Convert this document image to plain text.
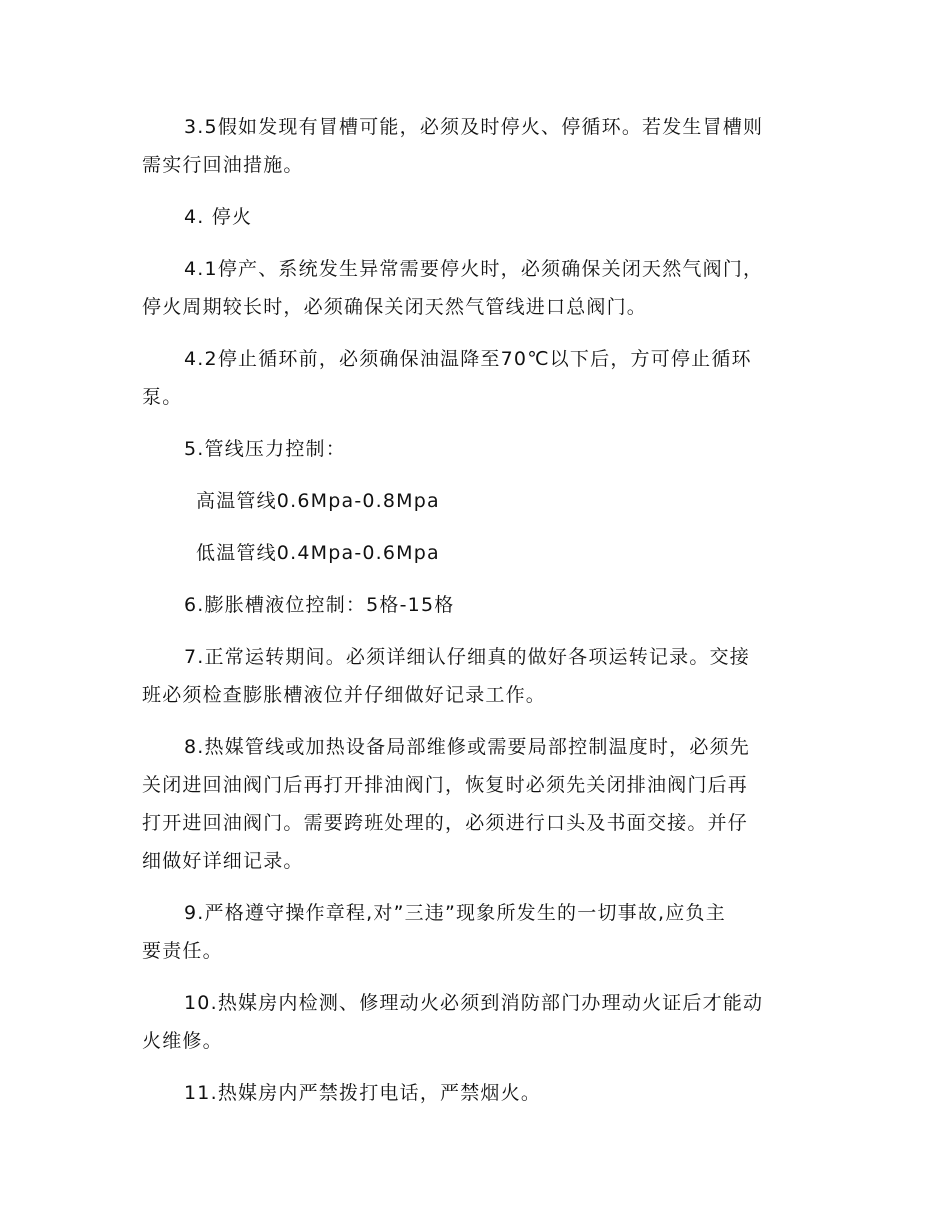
3.5假如发现有冒槽可能，必须及时停火、停循环。若发生冒槽则
需实行回油措施。
4. 停火
4.1停产、系统发生异常需要停火时，必须确保关闭天然气阀门，
停火周期较长时，必须确保关闭天然气管线进口总阀门。
4.2停止循环前，必须确保油温降至70℃以下后，方可停止循环
泵。
5.管线压力控制：
高温管线0.6Mpa-0.8Mpa
低温管线0.4Mpa-0.6Mpa
6.膨胀槽液位控制：5格-15格
7.正常运转期间。必须详细认仔细真的做好各项运转记录。交接
班必须检查膨胀槽液位并仔细做好记录工作。
8.热媒管线或加热设备局部维修或需要局部控制温度时，必须先
关闭进回油阀门后再打开排油阀门，恢复时必须先关闭排油阀门后再
打开进回油阀门。需要跨班处理的，必须进行口头及书面交接。并仔
细做好详细记录。
9.严格遵守操作章程,对”三违”现象所发生的一切事故,应负主
要责任。
10.热媒房内检测、修理动火必须到消防部门办理动火证后才能动
火维修。
11.热媒房内严禁拨打电话，严禁烟火。
